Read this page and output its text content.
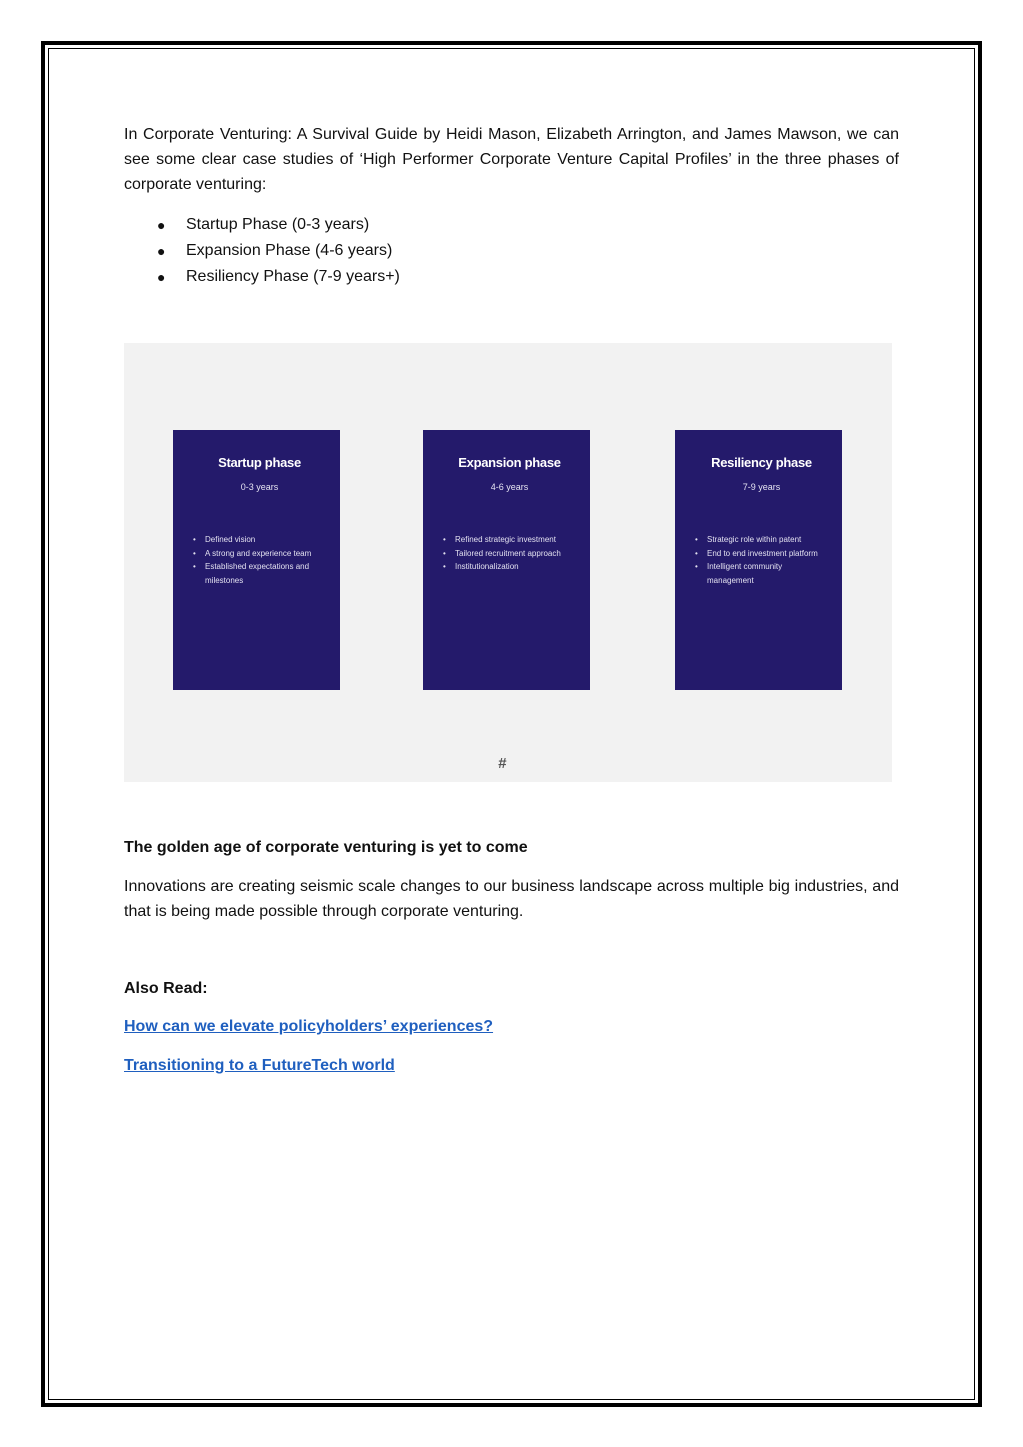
In Corporate Venturing: A Survival Guide by Heidi Mason, Elizabeth Arrington, and James Mawson, we can see some clear case studies of ‘High Performer Corporate Venture Capital Profiles’ in the three phases of corporate venturing:

● Startup Phase (0-3 years)
● Expansion Phase (4-6 years)
● Resiliency Phase (7-9 years+)

Startup phase

0-3 years

• Defined vision
• A strong and experience team
• Established expectations and milestones

Expansion phase

4-6 years

• Refined strategic investment
• Tailored recruitment approach
• Institutionalization

Resiliency phase

7-9 years

• Strategic role within patent
• End to end investment platform
• Intelligent community management
#

The golden age of corporate venturing is yet to come

Innovations are creating seismic scale changes to our business landscape across multiple big industries, and that is being made possible through corporate venturing.

Also Read:

How can we elevate policyholders’ experiences?
Transitioning to a FutureTech world
